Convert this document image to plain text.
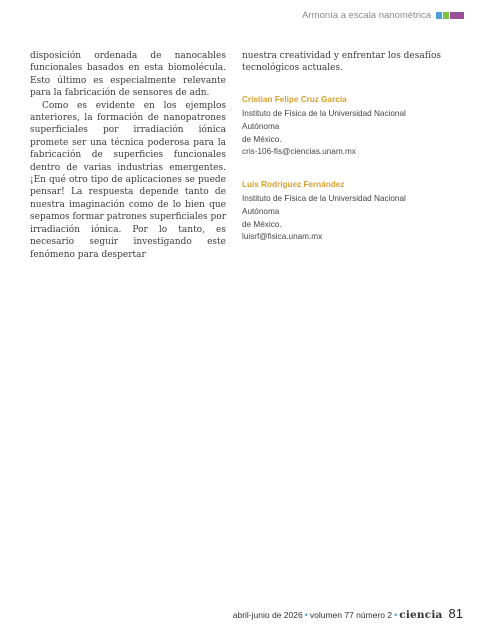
Armonía a escala nanométrica

disposición ordenada de nanocables funcionales basados en esta biomolécula. Esto último es especialmente relevante para la fabricación de sensores de adn.

Como es evidente en los ejemplos anteriores, la formación de nanopatrones superficiales por irradiación iónica promete ser una técnica poderosa para la fabricación de superficies funcionales dentro de varias industrias emergentes. ¡En qué otro tipo de aplicaciones se puede pensar! La respuesta depende tanto de nuestra imaginación como de lo bien que sepamos formar patrones superficiales por irradiación iónica. Por lo tanto, es necesario seguir investigando este fenómeno para despertar

nuestra creatividad y enfrentar los desafíos tecnológicos actuales.

Cristian Felipe Cruz García
Instituto de Física de la Universidad Nacional Autónoma
de México.
cris-106-fis@ciencias.unam.mx
Luis Rodríguez Fernández
Instituto de Física de la Universidad Nacional Autónoma
de México.
luisrf@fisica.unam.mx
abril-junio de 2026 • volumen 77 número 2 • ciencia 81
